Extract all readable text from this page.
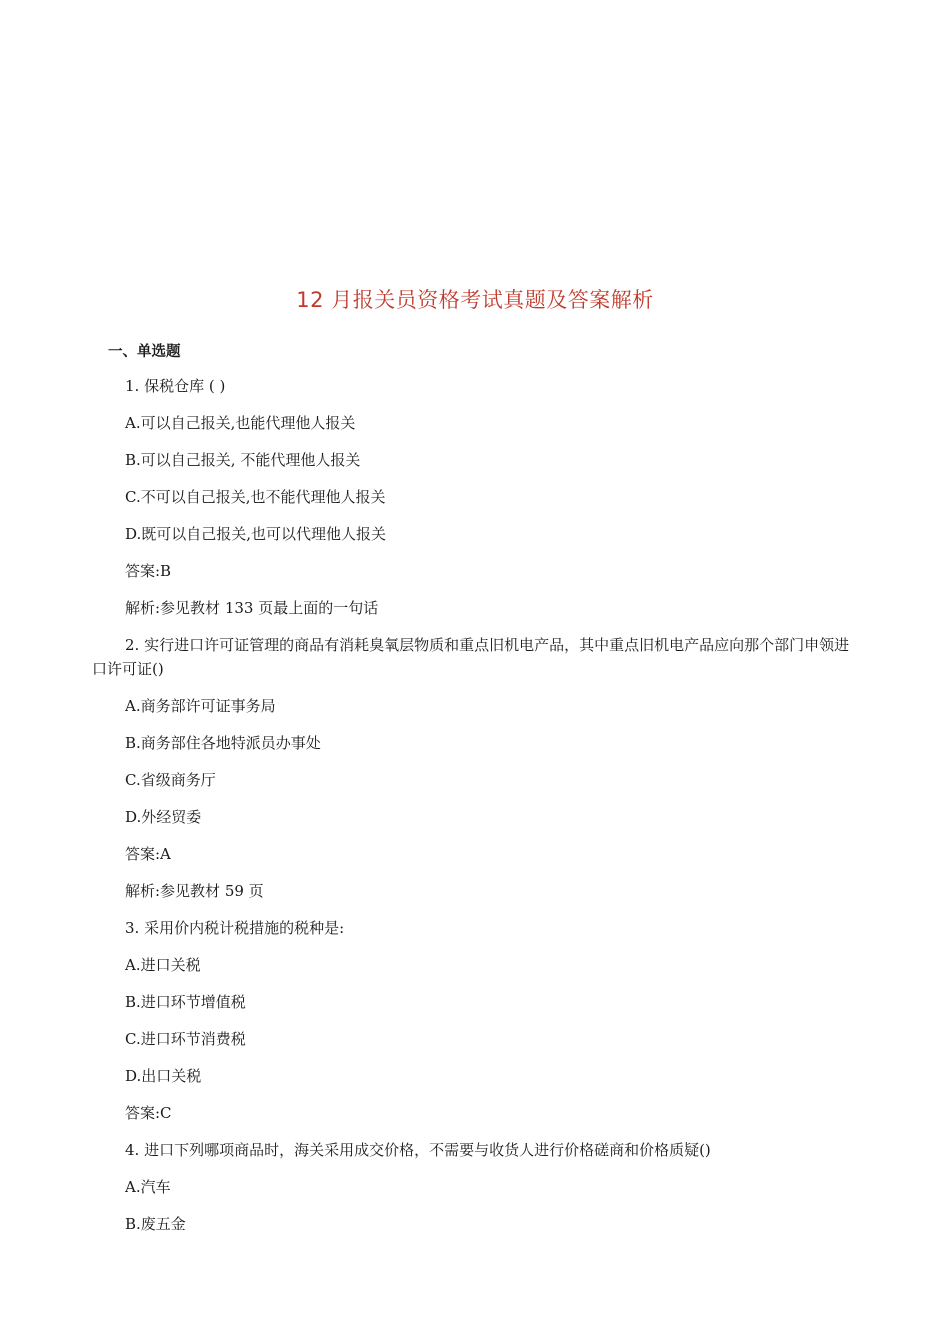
12 月报关员资格考试真题及答案解析
一、单选题

1. 保税仓库 ( )

A.可以自己报关,也能代理他人报关

B.可以自己报关, 不能代理他人报关

C.不可以自己报关,也不能代理他人报关

D.既可以自己报关,也可以代理他人报关

答案:B

解析:参见教材 133 页最上面的一句话

2. 实行进口许可证管理的商品有消耗臭氧层物质和重点旧机电产品，其中重点旧机电产品应向那个部门申领进口许可证()

A.商务部许可证事务局

B.商务部住各地特派员办事处

C.省级商务厅

D.外经贸委

答案:A

解析:参见教材 59 页

3. 采用价内税计税措施的税种是:

A.进口关税

B.进口环节增值税

C.进口环节消费税

D.出口关税

答案:C

4. 进口下列哪项商品时，海关采用成交价格，不需要与收货人进行价格磋商和价格质疑()

A.汽车

B.废五金
